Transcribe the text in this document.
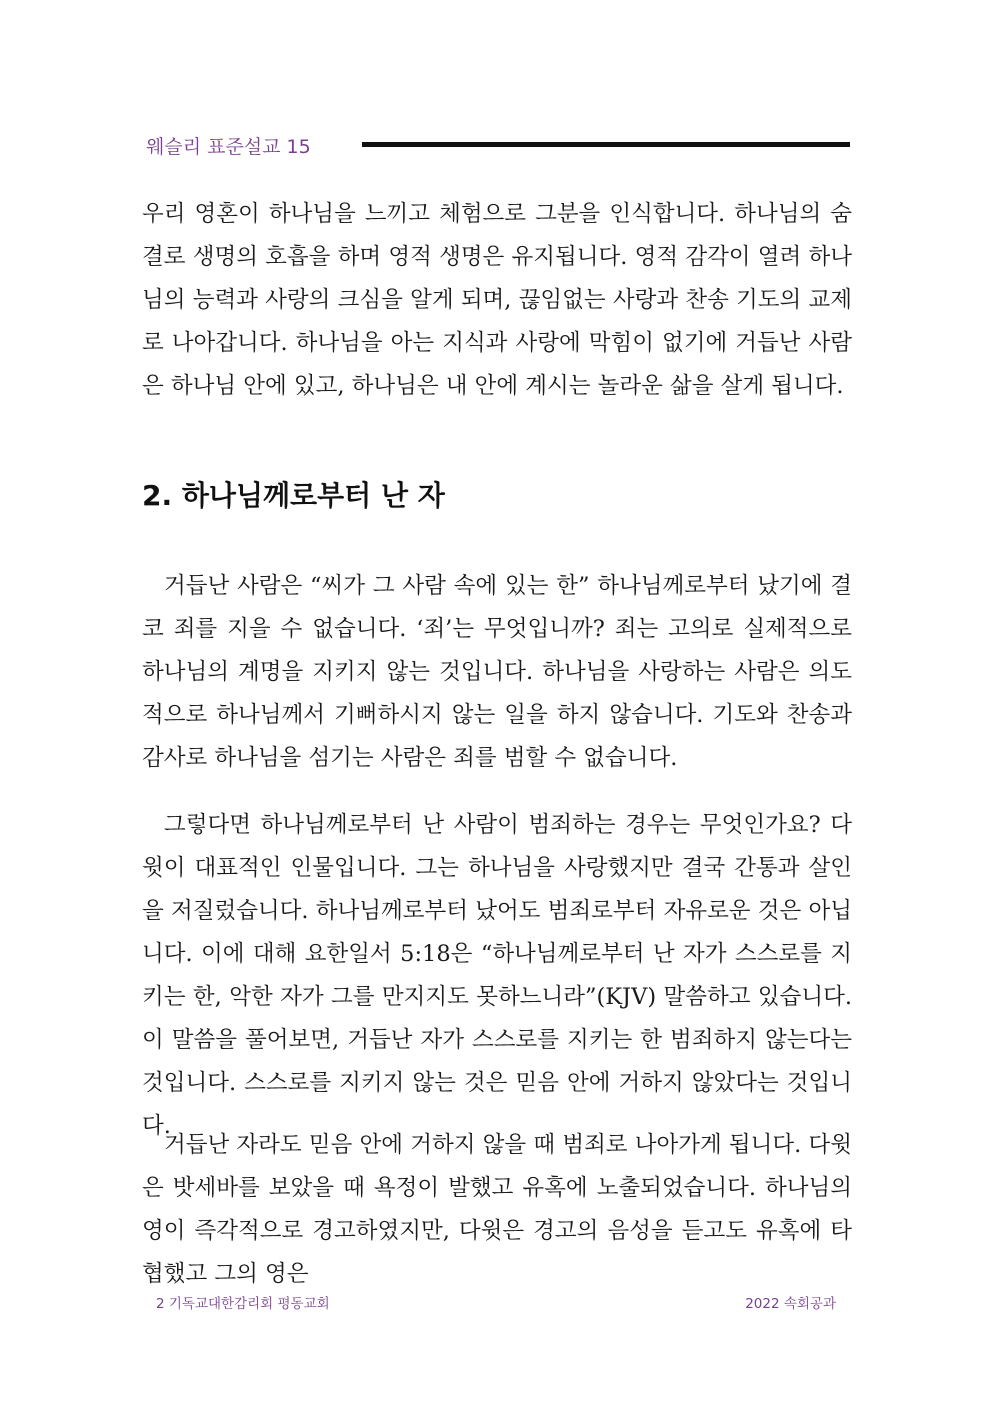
웨슬리 표준설교 15

우리 영혼이 하나님을 느끼고 체험으로 그분을 인식합니다. 하나님의 숨결로 생명의 호흡을 하며 영적 생명은 유지됩니다. 영적 감각이 열려 하나님의 능력과 사랑의 크심을 알게 되며, 끊임없는 사랑과 찬송 기도의 교제로 나아갑니다. 하나님을 아는 지식과 사랑에 막힘이 없기에 거듭난 사람은 하나님 안에 있고, 하나님은 내 안에 계시는 놀라운 삶을 살게 됩니다.

2. 하나님께로부터 난 자

거듭난 사람은 “씨가 그 사람 속에 있는 한” 하나님께로부터 났기에 결코 죄를 지을 수 없습니다. ‘죄’는 무엇입니까? 죄는 고의로 실제적으로 하나님의 계명을 지키지 않는 것입니다. 하나님을 사랑하는 사람은 의도적으로 하나님께서 기뻐하시지 않는 일을 하지 않습니다. 기도와 찬송과 감사로 하나님을 섬기는 사람은 죄를 범할 수 없습니다.

그렇다면 하나님께로부터 난 사람이 범죄하는 경우는 무엇인가요? 다윗이 대표적인 인물입니다. 그는 하나님을 사랑했지만 결국 간통과 살인을 저질렀습니다. 하나님께로부터 났어도 범죄로부터 자유로운 것은 아닙니다. 이에 대해 요한일서 5:18은 “하나님께로부터 난 자가 스스로를 지키는 한, 악한 자가 그를 만지지도 못하느니라”(KJV) 말씀하고 있습니다. 이 말씀을 풀어보면, 거듭난 자가 스스로를 지키는 한 범죄하지 않는다는 것입니다. 스스로를 지키지 않는 것은 믿음 안에 거하지 않았다는 것입니다.

거듭난 자라도 믿음 안에 거하지 않을 때 범죄로 나아가게 됩니다. 다윗은 밧세바를 보았을 때 욕정이 발했고 유혹에 노출되었습니다. 하나님의 영이 즉각적으로 경고하였지만, 다윗은 경고의 음성을 듣고도 유혹에 타협했고 그의 영은

2 기독교대한감리회 평동교회	2022 속회공과
